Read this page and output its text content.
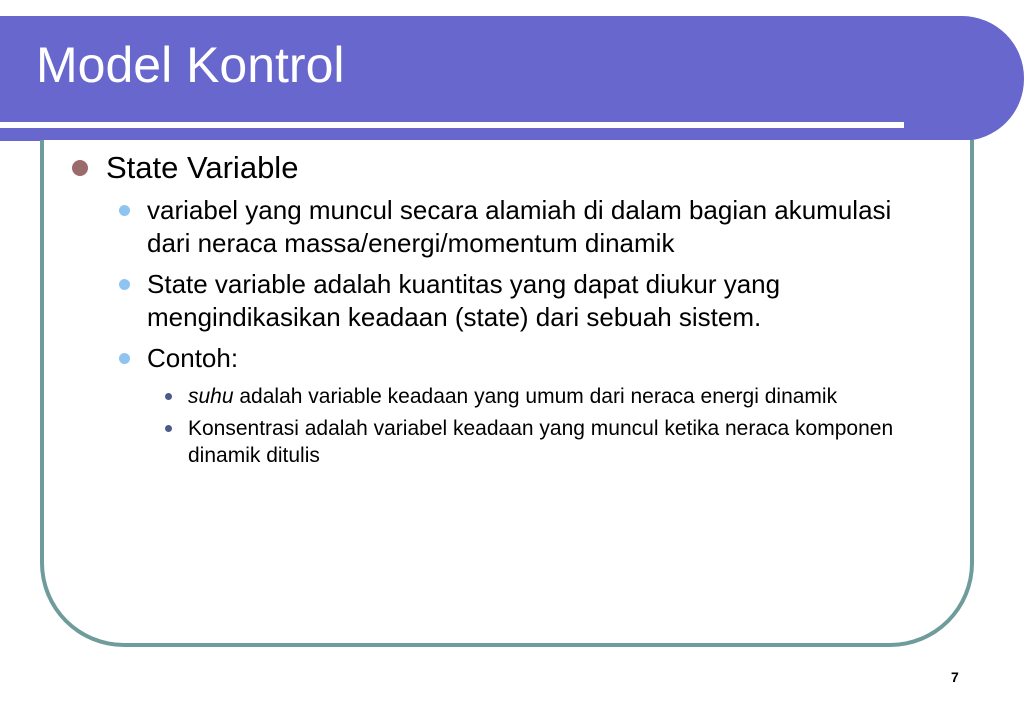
Model Kontrol
State Variable
variabel yang muncul secara alamiah di dalam bagian akumulasi dari neraca massa/energi/momentum dinamik
State variable adalah kuantitas yang dapat diukur yang mengindikasikan keadaan (state) dari sebuah sistem.
Contoh:
suhu adalah variable keadaan yang umum dari neraca energi dinamik
Konsentrasi adalah variabel keadaan yang muncul ketika neraca komponen dinamik ditulis
7
